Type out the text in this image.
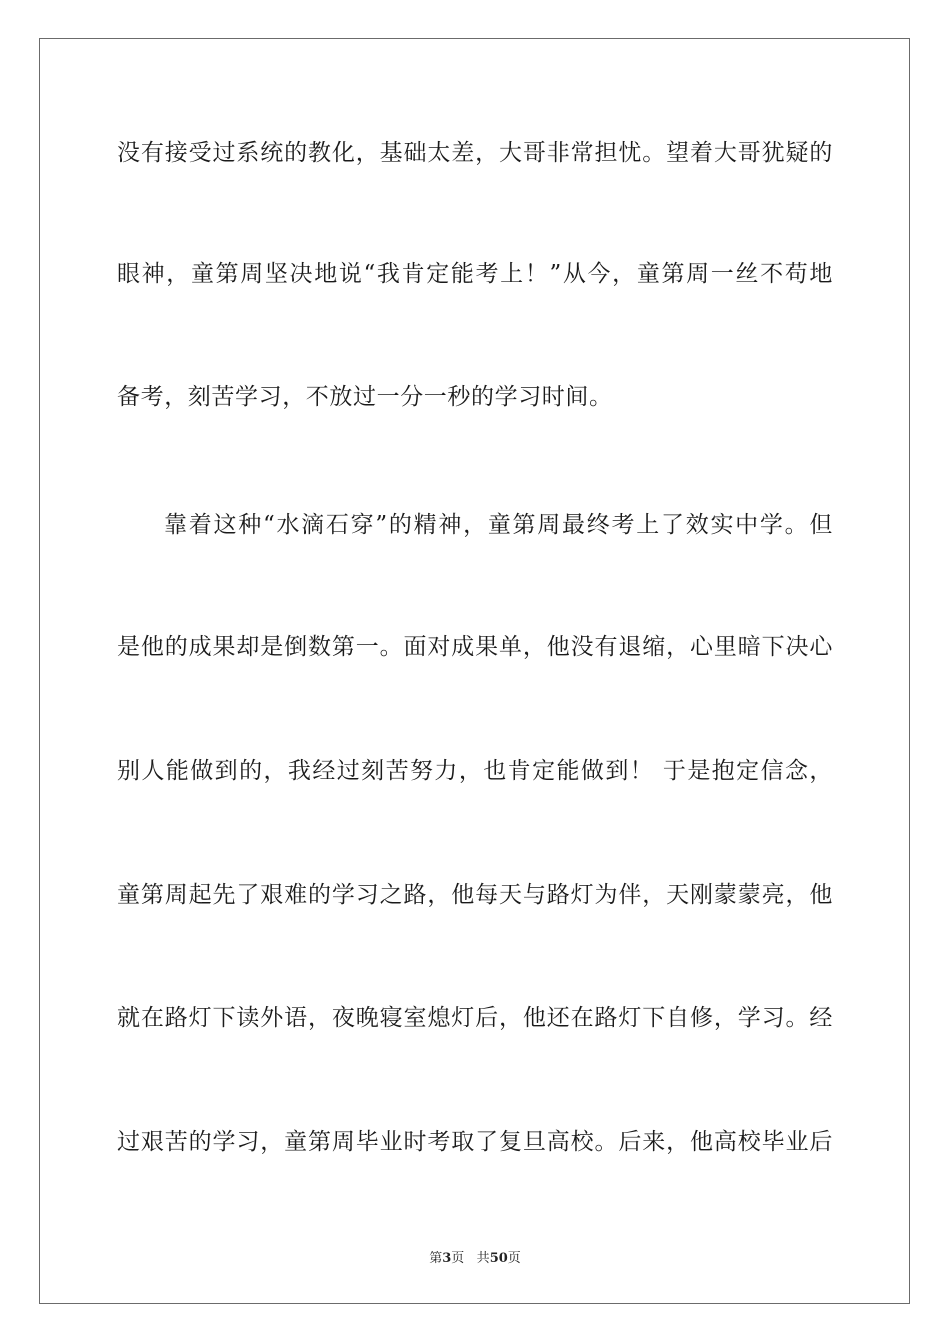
没有接受过系统的教化，基础太差，大哥非常担忧。望着大哥犹疑的
眼神，童第周坚决地说“我肯定能考上！”从今，童第周一丝不苟地
备考，刻苦学习，不放过一分一秒的学习时间。
靠着这种“水滴石穿”的精神，童第周最终考上了效实中学。但
是他的成果却是倒数第一。面对成果单，他没有退缩，心里暗下决心
别人能做到的，我经过刻苦努力，也肯定能做到！ 于是抱定信念，
童第周起先了艰难的学习之路，他每天与路灯为伴，天刚蒙蒙亮，他
就在路灯下读外语，夜晚寝室熄灯后，他还在路灯下自修，学习。经
过艰苦的学习，童第周毕业时考取了复旦高校。后来，他高校毕业后
第3页 共50页
